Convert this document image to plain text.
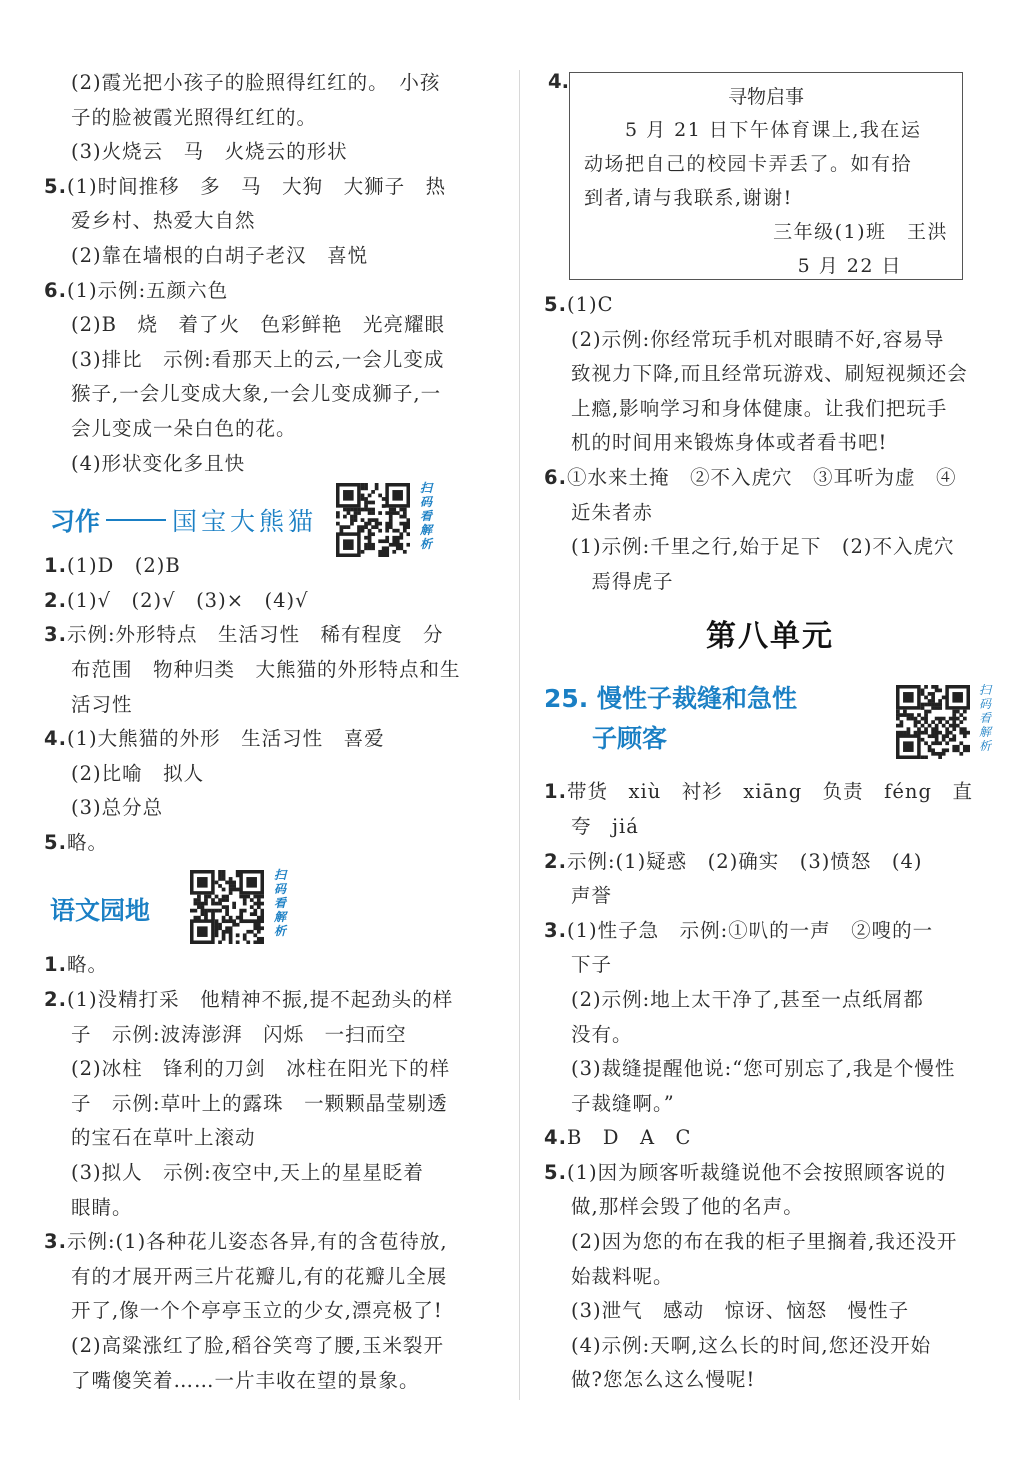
(2)霞光把小孩子的脸照得红红的。　小孩
子的脸被霞光照得红红的。
(3)火烧云　马　火烧云的形状
5.(1)时间推移　多　马　大狗　大狮子　热
爱乡村、热爱大自然
(2)靠在墙根的白胡子老汉　喜悦
6.(1)示例:五颜六色
(2)B　烧　着了火　色彩鲜艳　光亮耀眼
(3)排比　示例:看那天上的云,一会儿变成
猴子,一会儿变成大象,一会儿变成狮子,一
会儿变成一朵白色的花。
(4)形状变化多且快
习作	国宝大熊猫
扫码看解析
1.(1)D　(2)B
2.(1)√　(2)√　(3)×　(4)√
3.示例:外形特点　生活习性　稀有程度　分
布范围　物种归类　大熊猫的外形特点和生
活习性
4.(1)大熊猫的外形　生活习性　喜爱
(2)比喻　拟人
(3)总分总
5.略。
语文园地
扫码看解析
1.略。
2.(1)没精打采　他精神不振,提不起劲头的样
子　示例:波涛澎湃　闪烁　一扫而空
(2)冰柱　锋利的刀剑　冰柱在阳光下的样
子　示例:草叶上的露珠　一颗颗晶莹剔透
的宝石在草叶上滚动
(3)拟人　示例:夜空中,天上的星星眨着
眼睛。
3.示例:(1)各种花儿姿态各异,有的含苞待放,
有的才展开两三片花瓣儿,有的花瓣儿全展
开了,像一个个亭亭玉立的少女,漂亮极了!
(2)高粱涨红了脸,稻谷笑弯了腰,玉米裂开
了嘴傻笑着……一片丰收在望的景象。
4.
寻物启事
　　5 月 21 日下午体育课上,我在运
动场把自己的校园卡弄丢了。如有拾
到者,请与我联系,谢谢!
三年级(1)班　王洪
5 月 22 日
5.(1)C
(2)示例:你经常玩手机对眼睛不好,容易导
致视力下降,而且经常玩游戏、刷短视频还会
上瘾,影响学习和身体健康。让我们把玩手
机的时间用来锻炼身体或者看书吧!
6.①水来土掩　②不入虎穴　③耳听为虚　④
近朱者赤
(1)示例:千里之行,始于足下　(2)不入虎穴
　焉得虎子
第八单元
25. 慢性子裁缝和急性
子顾客
扫码看解析
1.带货　xiù　衬衫　xiāng　负责　féng　直
夸　jiá
2.示例:(1)疑惑　(2)确实　(3)愤怒　(4)
声誉
3.(1)性子急　示例:①叭的一声　②嗖的一
下子
(2)示例:地上太干净了,甚至一点纸屑都
没有。
(3)裁缝提醒他说:“您可别忘了,我是个慢性
子裁缝啊。”
4.B　D　A　C
5.(1)因为顾客听裁缝说他不会按照顾客说的
做,那样会毁了他的名声。
(2)因为您的布在我的柜子里搁着,我还没开
始裁料呢。
(3)泄气　感动　惊讶、恼怒　慢性子
(4)示例:天啊,这么长的时间,您还没开始
做?您怎么这么慢呢!
